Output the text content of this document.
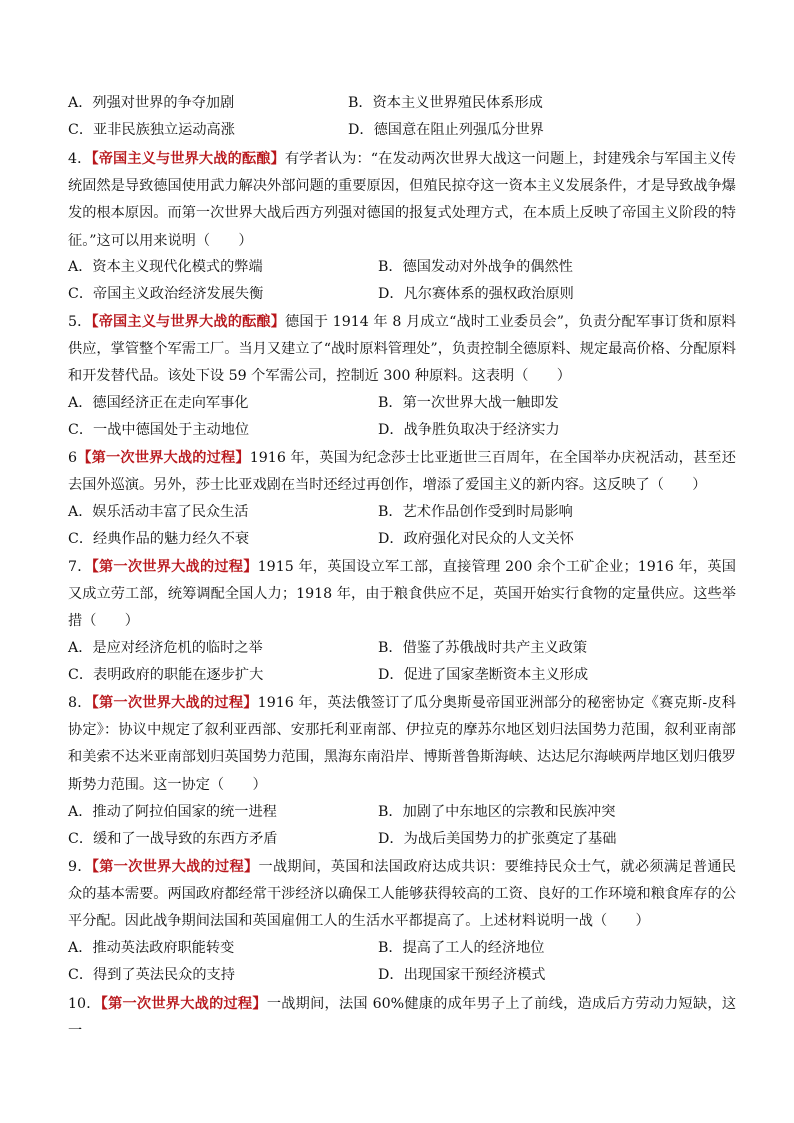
A．列强对世界的争夺加剧	B．资本主义世界殖民体系形成
C．亚非民族独立运动高涨	D．德国意在阻止列强瓜分世界
4．【帝国主义与世界大战的酝酿】有学者认为：“在发动两次世界大战这一问题上，封建残余与军国主义传统固然是导致德国使用武力解决外部问题的重要原因，但殖民掠夺这一资本主义发展条件，才是导致战争爆发的根本原因。而第一次世界大战后西方列强对德国的报复式处理方式，在本质上反映了帝国主义阶段的特征。”这可以用来说明（　　）
A．资本主义现代化模式的弊端	B．德国发动对外战争的偶然性
C．帝国主义政治经济发展失衡	D．凡尔赛体系的强权政治原则
5．【帝国主义与世界大战的酝酿】德国于 1914 年 8 月成立“战时工业委员会”，负责分配军事订货和原料供应，掌管整个军需工厂。当月又建立了“战时原料管理处”，负责控制全德原料、规定最高价格、分配原料和开发替代品。该处下设 59 个军需公司，控制近 300 种原料。这表明（　　）
A．德国经济正在走向军事化	B．第一次世界大战一触即发
C．一战中德国处于主动地位	D．战争胜负取决于经济实力
6【第一次世界大战的过程】1916 年，英国为纪念莎士比亚逝世三百周年，在全国举办庆祝活动，甚至还去国外巡演。另外，莎士比亚戏剧在当时还经过再创作，增添了爱国主义的新内容。这反映了（　　）
A．娱乐活动丰富了民众生活	B．艺术作品创作受到时局影响
C．经典作品的魅力经久不衰	D．政府强化对民众的人文关怀
7．【第一次世界大战的过程】1915 年，英国设立军工部，直接管理 200 余个工矿企业；1916 年，英国又成立劳工部，统筹调配全国人力；1918 年，由于粮食供应不足，英国开始实行食物的定量供应。这些举措（　　）
A．是应对经济危机的临时之举	B．借鉴了苏俄战时共产主义政策
C．表明政府的职能在逐步扩大	D．促进了国家垄断资本主义形成
8．【第一次世界大战的过程】1916 年，英法俄签订了瓜分奥斯曼帝国亚洲部分的秘密协定《赛克斯-皮科协定》：协议中规定了叙利亚西部、安那托利亚南部、伊拉克的摩苏尔地区划归法国势力范围，叙利亚南部和美索不达米亚南部划归英国势力范围，黑海东南沿岸、博斯普鲁斯海峡、达达尼尔海峡两岸地区划归俄罗斯势力范围。这一协定（　　）
A．推动了阿拉伯国家的统一进程	B．加剧了中东地区的宗教和民族冲突
C．缓和了一战导致的东西方矛盾	D．为战后美国势力的扩张奠定了基础
9．【第一次世界大战的过程】一战期间，英国和法国政府达成共识：要维持民众士气，就必须满足普通民众的基本需要。两国政府都经常干涉经济以确保工人能够获得较高的工资、良好的工作环境和粮食库存的公平分配。因此战争期间法国和英国雇佣工人的生活水平都提高了。上述材料说明一战（　　）
A．推动英法政府职能转变	B．提高了工人的经济地位
C．得到了英法民众的支持	D．出现国家干预经济模式
10．【第一次世界大战的过程】一战期间，法国 60%健康的成年男子上了前线，造成后方劳动力短缺，这一
